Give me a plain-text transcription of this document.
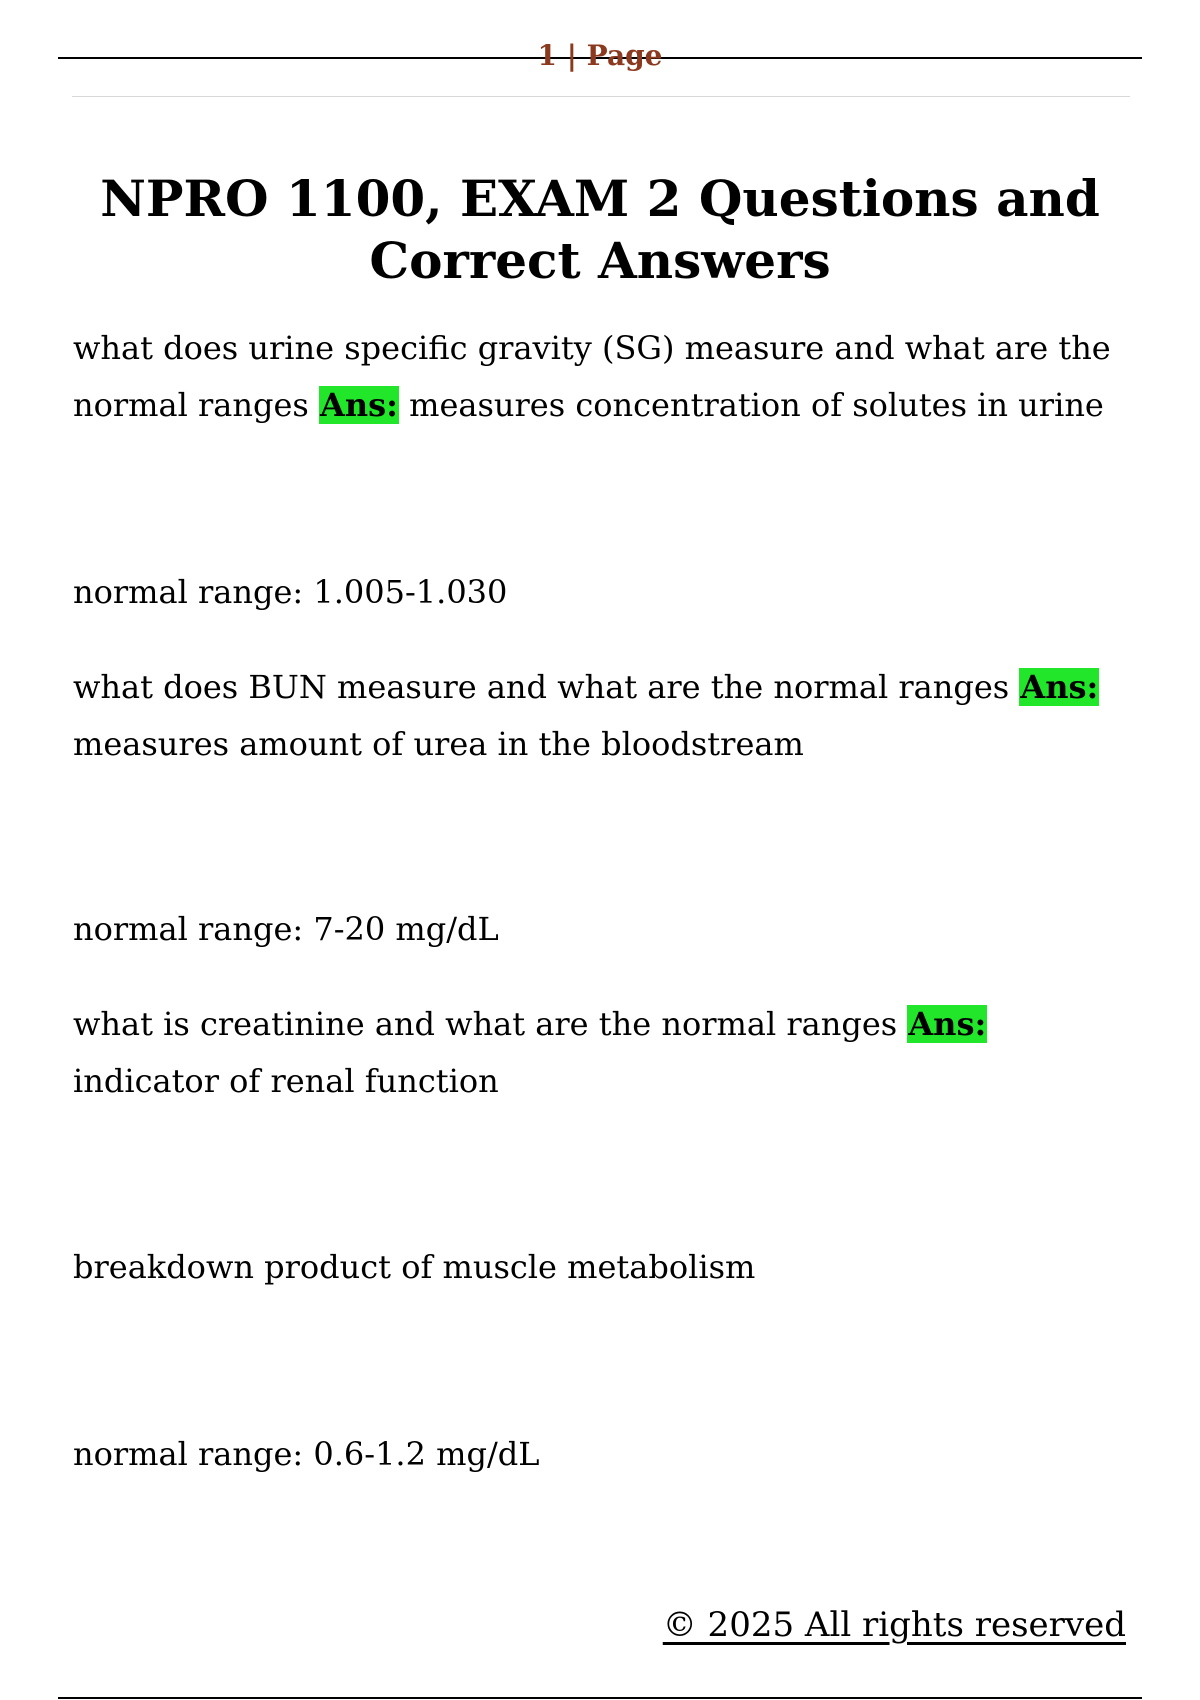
1 | Page
NPRO 1100, EXAM 2 Questions and Correct Answers
what does urine specific gravity (SG) measure and what are the normal ranges Ans: measures concentration of solutes in urine
normal range: 1.005-1.030
what does BUN measure and what are the normal ranges Ans: measures amount of urea in the bloodstream
normal range: 7-20 mg/dL
what is creatinine and what are the normal ranges Ans: indicator of renal function
breakdown product of muscle metabolism
normal range: 0.6-1.2 mg/dL
© 2025 All rights reserved
